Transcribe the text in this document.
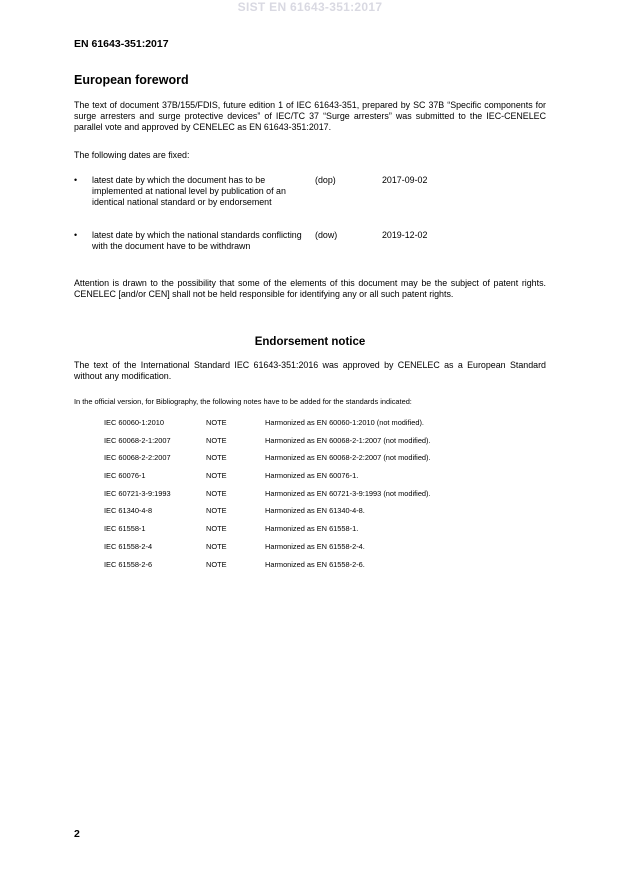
SIST EN 61643-351:2017
EN 61643-351:2017
European foreword
The text of document 37B/155/FDIS, future edition 1 of IEC 61643-351, prepared by SC 37B “Specific components for surge arresters and surge protective devices” of IEC/TC 37 “Surge arresters” was submitted to the IEC-CENELEC parallel vote and approved by CENELEC as EN 61643-351:2017.
The following dates are fixed:
• latest date by which the document has to be implemented at national level by publication of an identical national standard or by endorsement
(dop)	2017-09-02
• latest date by which the national standards conflicting with the document have to be withdrawn
(dow)	2019-12-02
Attention is drawn to the possibility that some of the elements of this document may be the subject of patent rights. CENELEC [and/or CEN] shall not be held responsible for identifying any or all such patent rights.
Endorsement notice
The text of the International Standard IEC 61643-351:2016 was approved by CENELEC as a European Standard without any modification.
In the official version, for Bibliography, the following notes have to be added for the standards indicated:
IEC 60060-1:2010	NOTE	Harmonized as EN 60060-1:2010 (not modified).
IEC 60068-2-1:2007	NOTE	Harmonized as EN 60068-2-1:2007 (not modified).
IEC 60068-2-2:2007	NOTE	Harmonized as EN 60068-2-2:2007 (not modified).
IEC 60076-1	NOTE	Harmonized as EN 60076-1.
IEC 60721-3-9:1993	NOTE	Harmonized as EN 60721-3-9:1993 (not modified).
IEC 61340-4-8	NOTE	Harmonized as EN 61340-4-8.
IEC 61558-1	NOTE	Harmonized as EN 61558-1.
IEC 61558-2-4	NOTE	Harmonized as EN 61558-2-4.
IEC 61558-2-6	NOTE	Harmonized as EN 61558-2-6.
2
